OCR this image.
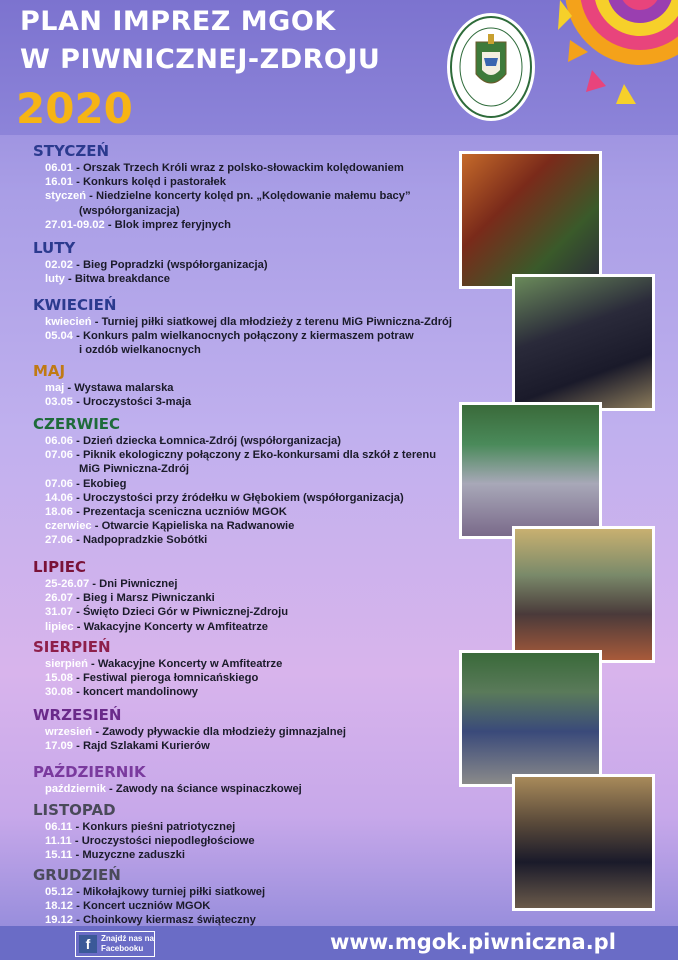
PLAN IMPREZ MGOK
W PIWNICZNEJ-ZDROJU
2020
STYCZEŃ
06.01 - Orszak Trzech Króli wraz z polsko-słowackim kolędowaniem
16.01 - Konkurs kolęd i pastorałek
styczeń - Niedzielne koncerty kolęd pn. „Kolędowanie małemu bacy”
(współorganizacja)
27.01-09.02 - Blok imprez feryjnych
LUTY
02.02 - Bieg Popradzki (współorganizacja)
luty - Bitwa breakdance
KWIECIEŃ
kwiecień - Turniej piłki siatkowej dla młodzieży z terenu MiG Piwniczna-Zdrój
05.04 - Konkurs palm wielkanocnych połączony z kiermaszem potraw
i ozdób wielkanocnych
MAJ
maj - Wystawa malarska
03.05 - Uroczystości 3-maja
CZERWIEC
06.06 - Dzień dziecka Łomnica-Zdrój (współorganizacja)
07.06 - Piknik ekologiczny połączony z Eko-konkursami dla szkół z terenu
MiG Piwniczna-Zdrój
07.06 - Ekobieg
14.06 - Uroczystości przy źródełku w Głębokiem (współorganizacja)
18.06 - Prezentacja sceniczna uczniów MGOK
czerwiec - Otwarcie Kąpieliska na Radwanowie
27.06 - Nadpopradzkie Sobótki
LIPIEC
25-26.07 - Dni Piwnicznej
26.07 - Bieg i Marsz Piwniczanki
31.07 - Święto Dzieci Gór w Piwnicznej-Zdroju
lipiec - Wakacyjne Koncerty w Amfiteatrze
SIERPIEŃ
sierpień - Wakacyjne Koncerty w Amfiteatrze
15.08 - Festiwal pieroga łomnicańskiego
30.08 - koncert mandolinowy
WRZESIEŃ
wrzesień - Zawody pływackie dla młodzieży gimnazjalnej
17.09 - Rajd Szlakami Kurierów
PAŹDZIERNIK
październik - Zawody na ściance wspinaczkowej
LISTOPAD
06.11 - Konkurs pieśni patriotycznej
11.11 - Uroczystości niepodległościowe
15.11 - Muzyczne zaduszki
GRUDZIEŃ
05.12 - Mikołajkowy turniej piłki siatkowej
18.12 - Koncert uczniów MGOK
19.12 - Choinkowy kiermasz świąteczny
f	Znajdź nas na
Facebooku	www.mgok.piwniczna.pl
